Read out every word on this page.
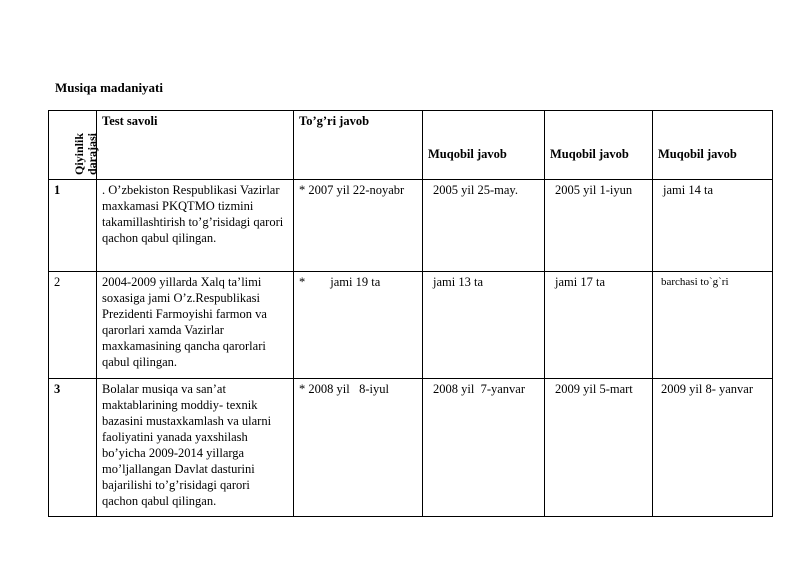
Musiqa madaniyati
Qiyinlik
darajasi	Test savoli	To’g’ri javob	Muqobil javob	Muqobil javob	Muqobil javob

1	. O’zbekiston Respublikasi Vazirlar maxkamasi PKQTMO tizmini takamillashtirish to’g’risidagi qarori qachon qabul qilingan.	* 2007 yil 22-noyabr	2005 yil 25-may.	2005 yil 1-iyun	jami 14 ta
2	2004-2009 yillarda Xalq ta’limi soxasiga jami O’z.Respublikasi Prezidenti Farmoyishi farmon va qarorlari xamda Vazirlar maxkamasining qancha qarorlari qabul qilingan.	*        jami 19 ta	jami 13 ta	jami 17 ta	barchasi to`g`ri
3	Bolalar musiqa va san’at maktablarining moddiy- texnik bazasini mustaxkamlash va ularni faoliyatini yanada yaxshilash bo’yicha 2009-2014 yillarga mo’ljallangan Davlat dasturini bajarilishi to’g’risidagi qarori qachon qabul qilingan.	* 2008 yil   8-iyul	2008 yil  7-yanvar	2009 yil 5-mart	2009 yil 8- yanvar
